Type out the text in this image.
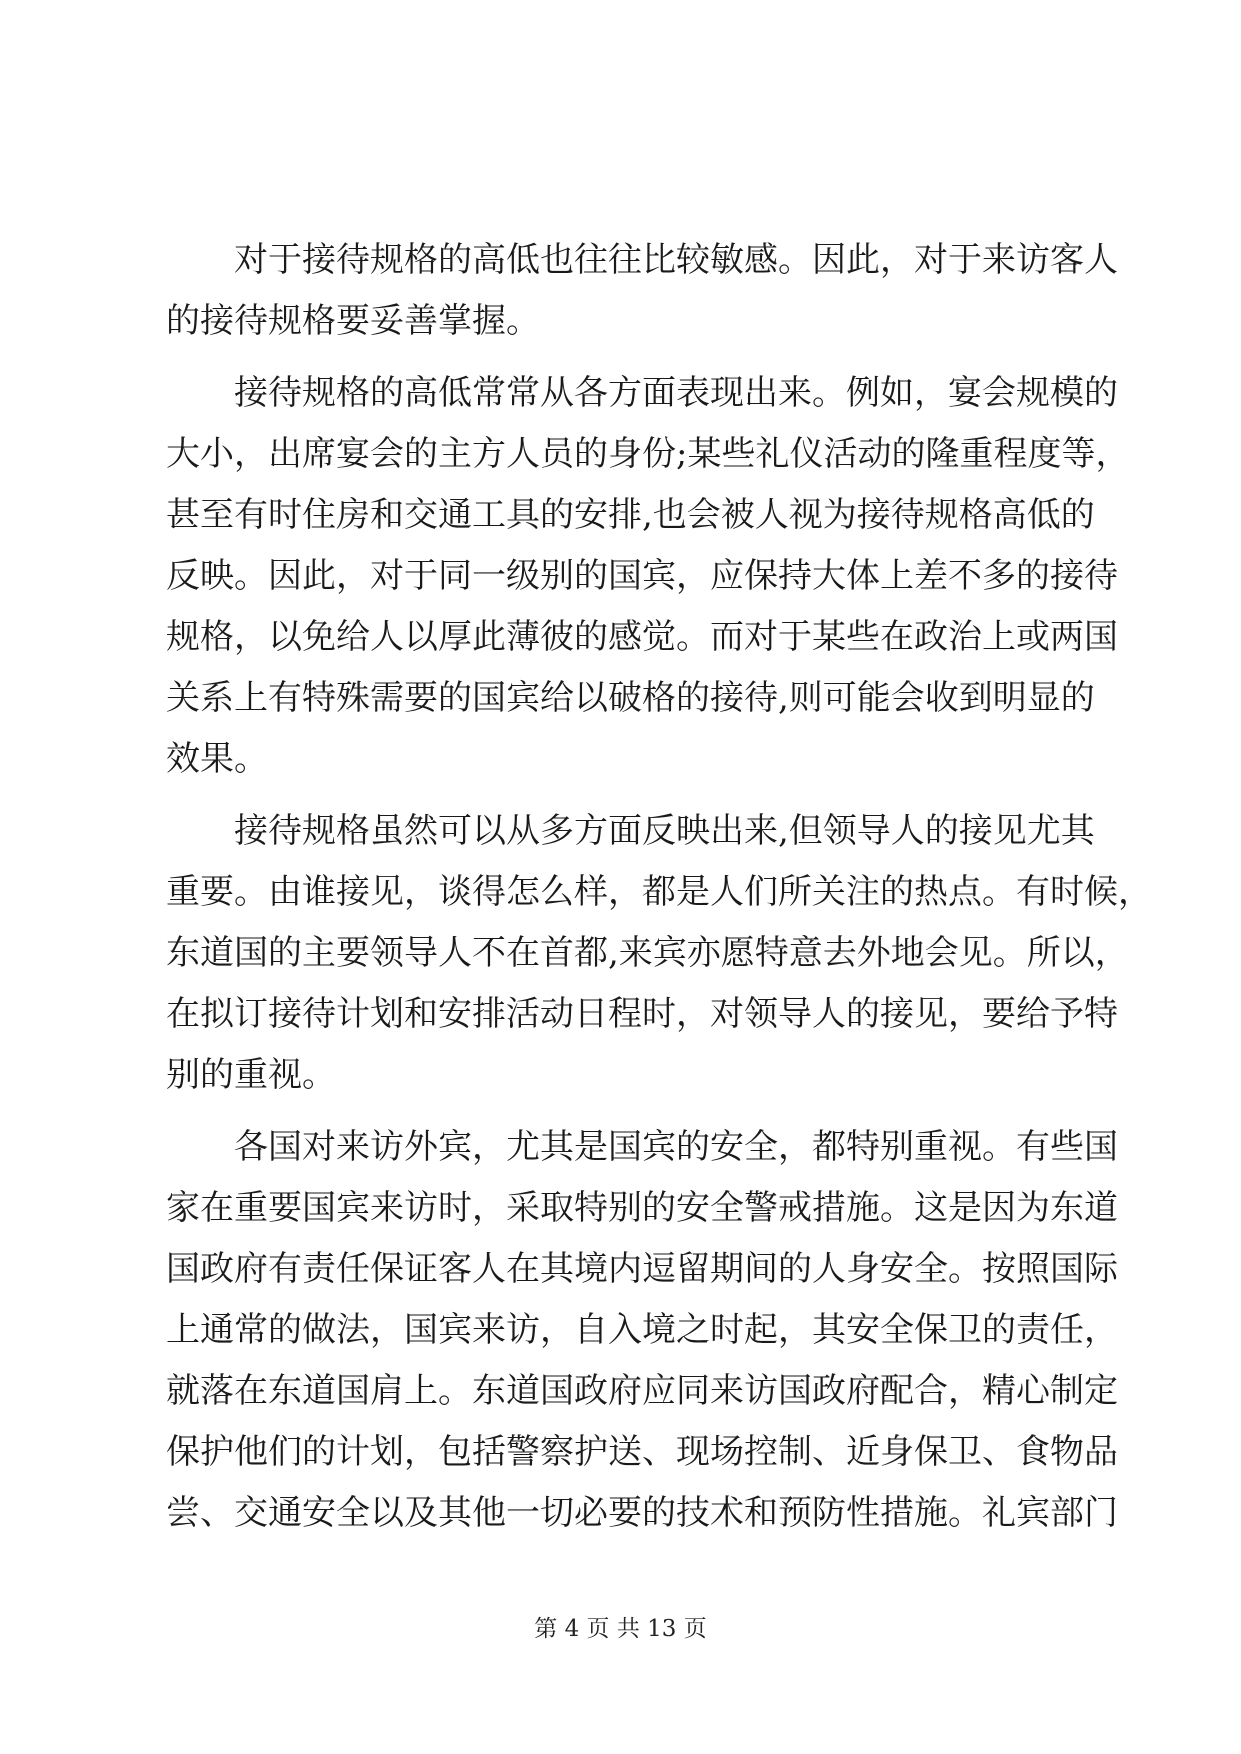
对于接待规格的高低也往往比较敏感。因此，对于来访客人
的接待规格要妥善掌握。
接待规格的高低常常从各方面表现出来。例如，宴会规模的
大小，出席宴会的主方人员的身份;某些礼仪活动的隆重程度等，
甚至有时住房和交通工具的安排,也会被人视为接待规格高低的
反映。因此，对于同一级别的国宾，应保持大体上差不多的接待
规格，以免给人以厚此薄彼的感觉。而对于某些在政治上或两国
关系上有特殊需要的国宾给以破格的接待,则可能会收到明显的
效果。
接待规格虽然可以从多方面反映出来,但领导人的接见尤其
重要。由谁接见，谈得怎么样，都是人们所关注的热点。有时候，
东道国的主要领导人不在首都,来宾亦愿特意去外地会见。所以，
在拟订接待计划和安排活动日程时，对领导人的接见，要给予特
别的重视。
各国对来访外宾，尤其是国宾的安全，都特别重视。有些国
家在重要国宾来访时，采取特别的安全警戒措施。这是因为东道
国政府有责任保证客人在其境内逗留期间的人身安全。按照国际
上通常的做法，国宾来访，自入境之时起，其安全保卫的责任，
就落在东道国肩上。东道国政府应同来访国政府配合，精心制定
保护他们的计划，包括警察护送、现场控制、近身保卫、食物品
尝、交通安全以及其他一切必要的技术和预防性措施。礼宾部门
第 4 页 共 13 页
